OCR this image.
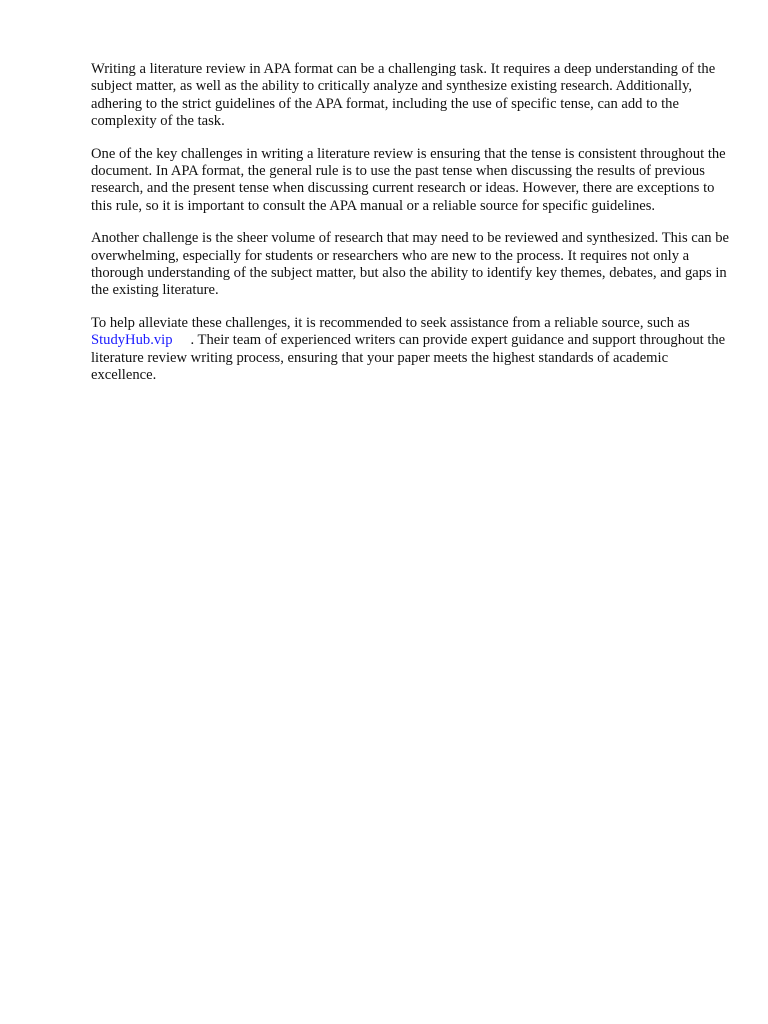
Writing a literature review in APA format can be a challenging task. It requires a deep understanding of the subject matter, as well as the ability to critically analyze and synthesize existing research. Additionally, adhering to the strict guidelines of the APA format, including the use of specific tense, can add to the complexity of the task.

One of the key challenges in writing a literature review is ensuring that the tense is consistent throughout the document. In APA format, the general rule is to use the past tense when discussing the results of previous research, and the present tense when discussing current research or ideas. However, there are exceptions to this rule, so it is important to consult the APA manual or a reliable source for specific guidelines.

Another challenge is the sheer volume of research that may need to be reviewed and synthesized. This can be overwhelming, especially for students or researchers who are new to the process. It requires not only a thorough understanding of the subject matter, but also the ability to identify key themes, debates, and gaps in the existing literature.

To help alleviate these challenges, it is recommended to seek assistance from a reliable source, such asStudyHub.vip . Their team of experienced writers can provide expert guidance and support throughout the literature review writing process, ensuring that your paper meets the highest standards of academic excellence.
